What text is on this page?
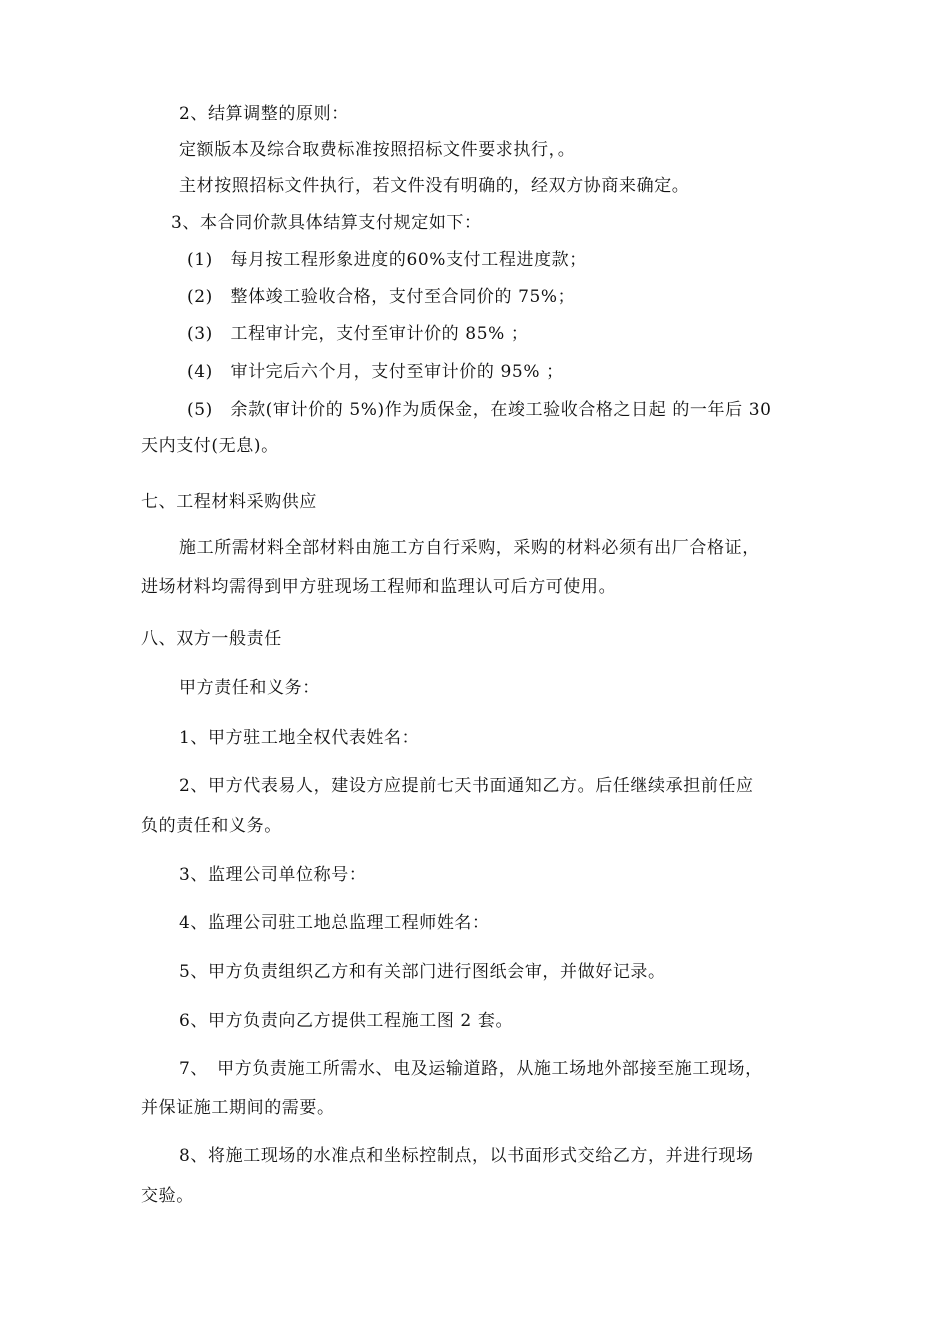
2、结算调整的原则：
定额版本及综合取费标准按照招标文件要求执行，。
主材按照招标文件执行，若文件没有明确的，经双方协商来确定。
3、本合同价款具体结算支付规定如下：
(1)　每月按工程形象进度的60%支付工程进度款；
(2)　整体竣工验收合格，支付至合同价的 75%；
(3)　工程审计完，支付至审计价的 85% ；
(4)　审计完后六个月，支付至审计价的 95% ；
(5)　余款(审计价的 5%)作为质保金，在竣工验收合格之日起 的一年后 30
天内支付(无息)。
七、工程材料采购供应
施工所需材料全部材料由施工方自行采购，采购的材料必须有出厂合格证，
进场材料均需得到甲方驻现场工程师和监理认可后方可使用。
八、双方一般责任
甲方责任和义务：
1、甲方驻工地全权代表姓名：
2、甲方代表易人，建设方应提前七天书面通知乙方。后任继续承担前任应
负的责任和义务。
3、监理公司单位称号：
4、监理公司驻工地总监理工程师姓名：
5、甲方负责组织乙方和有关部门进行图纸会审，并做好记录。
6、甲方负责向乙方提供工程施工图 2 套。
7、　甲方负责施工所需水、电及运输道路，从施工场地外部接至施工现场，
并保证施工期间的需要。
8、将施工现场的水准点和坐标控制点，以书面形式交给乙方，并进行现场
交验。
